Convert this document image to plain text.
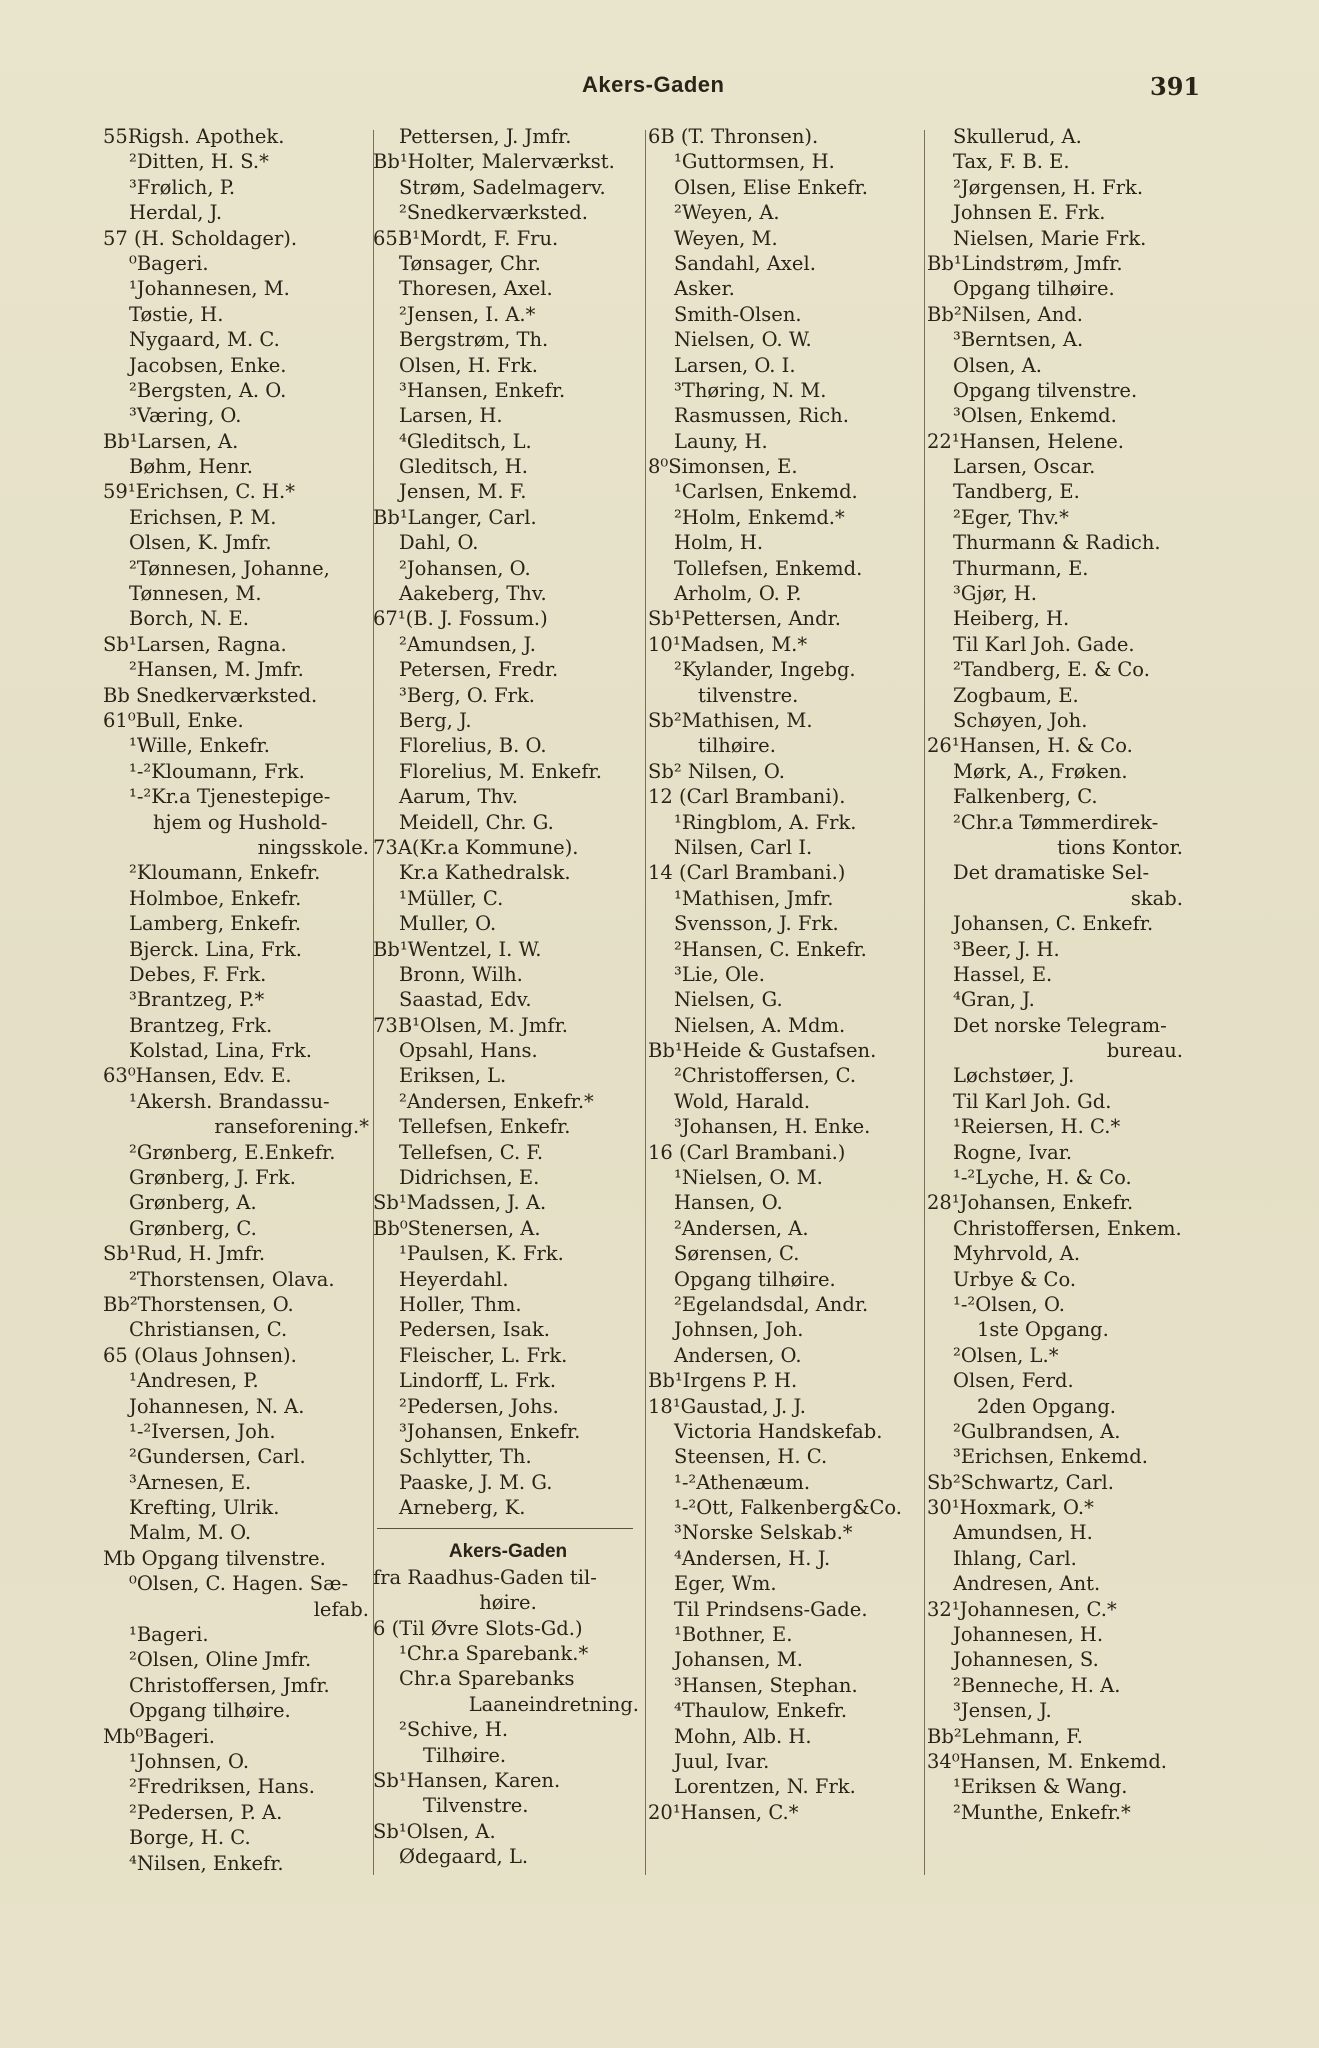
Akers-Gaden	391
55Rigsh. Apothek.
²Ditten, H. S.*
³Frølich, P.
Herdal, J.
57 (H. Scholdager).
⁰Bageri.
¹Johannesen, M.
Tøstie, H.
Nygaard, M. C.
Jacobsen, Enke.
²Bergsten, A. O.
³Væring, O.
Bb¹Larsen, A.
Bøhm, Henr.
59¹Erichsen, C. H.*
Erichsen, P. M.
Olsen, K. Jmfr.
²Tønnesen, Johanne,
Tønnesen, M.
Borch, N. E.
Sb¹Larsen, Ragna.
²Hansen, M. Jmfr.
Bb Snedkerværksted.
61⁰Bull, Enke.
¹Wille, Enkefr.
¹-²Kloumann, Frk.
¹-²Kr.a Tjenestepige-
hjem og Hushold-
ningsskole.
²Kloumann, Enkefr.
Holmboe, Enkefr.
Lamberg, Enkefr.
Bjerck. Lina, Frk.
Debes, F. Frk.
³Brantzeg, P.*
Brantzeg, Frk.
Kolstad, Lina, Frk.
63⁰Hansen, Edv. E.
¹Akersh. Brandassu-
ranseforening.*
²Grønberg, E.Enkefr.
Grønberg, J. Frk.
Grønberg, A.
Grønberg, C.
Sb¹Rud, H. Jmfr.
²Thorstensen, Olava.
Bb²Thorstensen, O.
Christiansen, C.
65 (Olaus Johnsen).
¹Andresen, P.
Johannesen, N. A.
¹-²Iversen, Joh.
²Gundersen, Carl.
³Arnesen, E.
Krefting, Ulrik.
Malm, M. O.
Mb Opgang tilvenstre.
⁰Olsen, C. Hagen. Sæ-
lefab.
¹Bageri.
²Olsen, Oline Jmfr.
Christoffersen, Jmfr.
Opgang tilhøire.
Mb⁰Bageri.
¹Johnsen, O.
²Fredriksen, Hans.
²Pedersen, P. A.
Borge, H. C.
⁴Nilsen, Enkefr.
Pettersen, J. Jmfr.
Bb¹Holter, Malerværkst.
Strøm, Sadelmagerv.
²Snedkerværksted.
65B¹Mordt, F. Fru.
Tønsager, Chr.
Thoresen, Axel.
²Jensen, I. A.*
Bergstrøm, Th.
Olsen, H. Frk.
³Hansen, Enkefr.
Larsen, H.
⁴Gleditsch, L.
Gleditsch, H.
Jensen, M. F.
Bb¹Langer, Carl.
Dahl, O.
²Johansen, O.
Aakeberg, Thv.
67¹(B. J. Fossum.)
²Amundsen, J.
Petersen, Fredr.
³Berg, O. Frk.
Berg, J.
Florelius, B. O.
Florelius, M. Enkefr.
Aarum, Thv.
Meidell, Chr. G.
73A(Kr.a Kommune).
Kr.a Kathedralsk.
¹Müller, C.
Muller, O.
Bb¹Wentzel, I. W.
Bronn, Wilh.
Saastad, Edv.
73B¹Olsen, M. Jmfr.
Opsahl, Hans.
Eriksen, L.
²Andersen, Enkefr.*
Tellefsen, Enkefr.
Tellefsen, C. F.
Didrichsen, E.
Sb¹Madssen, J. A.
Bb⁰Stenersen, A.
¹Paulsen, K. Frk.
Heyerdahl.
Holler, Thm.
Pedersen, Isak.
Fleischer, L. Frk.
Lindorff, L. Frk.
²Pedersen, Johs.
³Johansen, Enkefr.
Schlytter, Th.
Paaske, J. M. G.
Arneberg, K.
Akers-Gaden
fra Raadhus-Gaden til-
høire.
6 (Til Øvre Slots-Gd.)
¹Chr.a Sparebank.*
Chr.a Sparebanks
Laaneindretning.
²Schive, H.
Tilhøire.
Sb¹Hansen, Karen.
Tilvenstre.
Sb¹Olsen, A.
Ødegaard, L.
6B (T. Thronsen).
¹Guttormsen, H.
Olsen, Elise Enkefr.
²Weyen, A.
Weyen, M.
Sandahl, Axel.
Asker.
Smith-Olsen.
Nielsen, O. W.
Larsen, O. I.
³Thøring, N. M.
Rasmussen, Rich.
Launy, H.
8⁰Simonsen, E.
¹Carlsen, Enkemd.
²Holm, Enkemd.*
Holm, H.
Tollefsen, Enkemd.
Arholm, O. P.
Sb¹Pettersen, Andr.
10¹Madsen, M.*
²Kylander, Ingebg.
tilvenstre.
Sb²Mathisen, M.
tilhøire.
Sb² Nilsen, O.
12 (Carl Brambani).
¹Ringblom, A. Frk.
Nilsen, Carl I.
14 (Carl Brambani.)
¹Mathisen, Jmfr.
Svensson, J. Frk.
²Hansen, C. Enkefr.
³Lie, Ole.
Nielsen, G.
Nielsen, A. Mdm.
Bb¹Heide & Gustafsen.
²Christoffersen, C.
Wold, Harald.
³Johansen, H. Enke.
16 (Carl Brambani.)
¹Nielsen, O. M.
Hansen, O.
²Andersen, A.
Sørensen, C.
Opgang tilhøire.
²Egelandsdal, Andr.
Johnsen, Joh.
Andersen, O.
Bb¹Irgens P. H.
18¹Gaustad, J. J.
Victoria Handskefab.
Steensen, H. C.
¹-²Athenæum.
¹-²Ott, Falkenberg&Co.
³Norske Selskab.*
⁴Andersen, H. J.
Eger, Wm.
Til Prindsens-Gade.
¹Bothner, E.
Johansen, M.
³Hansen, Stephan.
⁴Thaulow, Enkefr.
Mohn, Alb. H.
Juul, Ivar.
Lorentzen, N. Frk.
20¹Hansen, C.*
Skullerud, A.
Tax, F. B. E.
²Jørgensen, H. Frk.
Johnsen E. Frk.
Nielsen, Marie Frk.
Bb¹Lindstrøm, Jmfr.
Opgang tilhøire.
Bb²Nilsen, And.
³Berntsen, A.
Olsen, A.
Opgang tilvenstre.
³Olsen, Enkemd.
22¹Hansen, Helene.
Larsen, Oscar.
Tandberg, E.
²Eger, Thv.*
Thurmann & Radich.
Thurmann, E.
³Gjør, H.
Heiberg, H.
Til Karl Joh. Gade.
²Tandberg, E. & Co.
Zogbaum, E.
Schøyen, Joh.
26¹Hansen, H. & Co.
Mørk, A., Frøken.
Falkenberg, C.
²Chr.a Tømmerdirek-
tions Kontor.
Det dramatiske Sel-
skab.
Johansen, C. Enkefr.
³Beer, J. H.
Hassel, E.
⁴Gran, J.
Det norske Telegram-
bureau.
Løchstøer, J.
Til Karl Joh. Gd.
¹Reiersen, H. C.*
Rogne, Ivar.
¹-²Lyche, H. & Co.
28¹Johansen, Enkefr.
Christoffersen, Enkem.
Myhrvold, A.
Urbye & Co.
¹-²Olsen, O.
1ste Opgang.
²Olsen, L.*
Olsen, Ferd.
2den Opgang.
²Gulbrandsen, A.
³Erichsen, Enkemd.
Sb²Schwartz, Carl.
30¹Hoxmark, O.*
Amundsen, H.
Ihlang, Carl.
Andresen, Ant.
32¹Johannesen, C.*
Johannesen, H.
Johannesen, S.
²Benneche, H. A.
³Jensen, J.
Bb²Lehmann, F.
34⁰Hansen, M. Enkemd.
¹Eriksen & Wang.
²Munthe, Enkefr.*
